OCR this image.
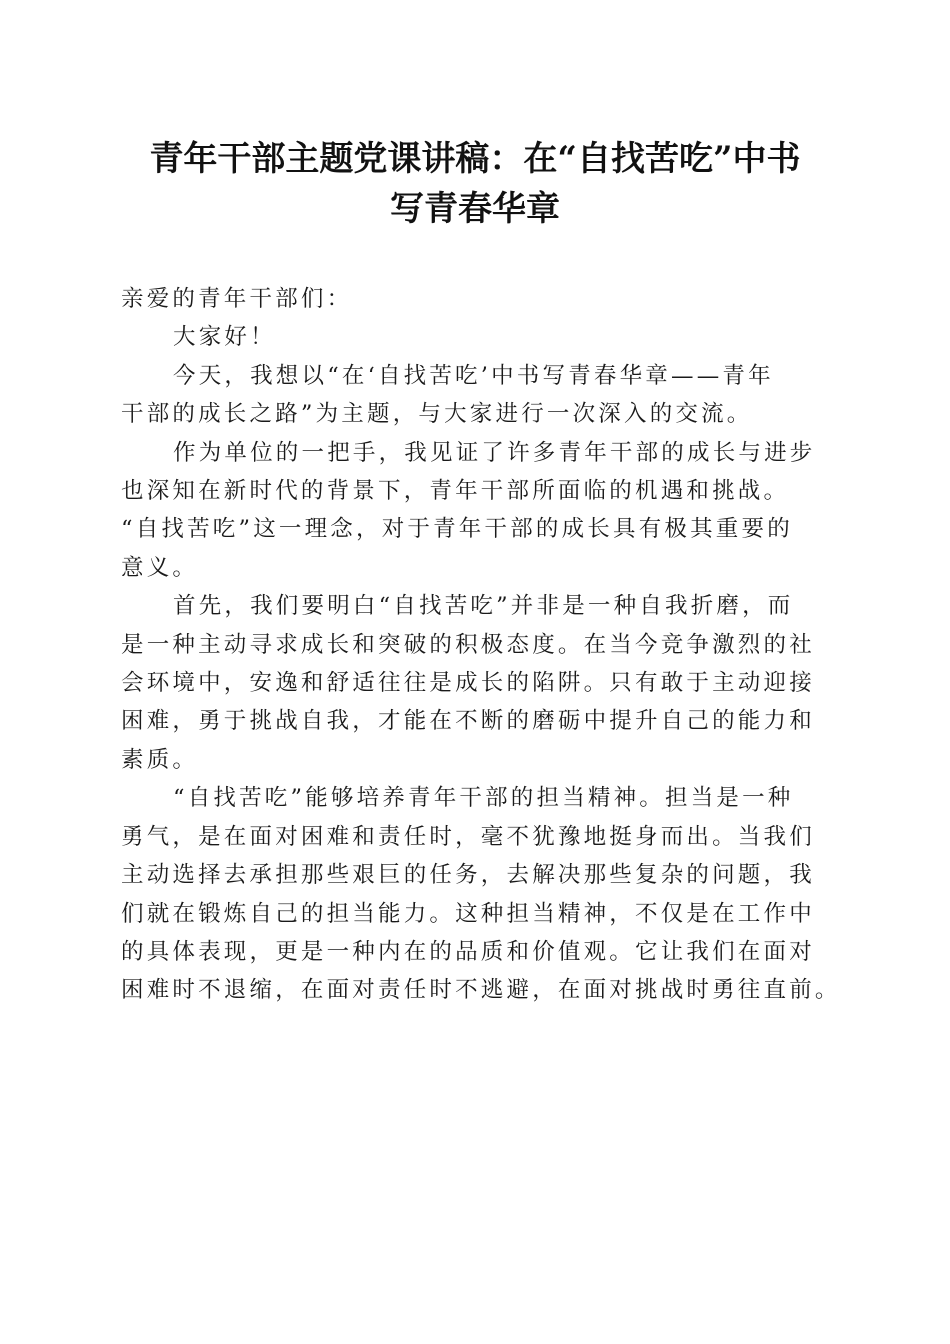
青年干部主题党课讲稿：在“自找苦吃”中书
写青春华章

亲爱的青年干部们：

大家好！

今天，我想以“在‘自找苦吃’中书写青春华章——青年
干部的成长之路”为主题，与大家进行一次深入的交流。

作为单位的一把手，我见证了许多青年干部的成长与进步
也深知在新时代的背景下，青年干部所面临的机遇和挑战。
“自找苦吃”这一理念，对于青年干部的成长具有极其重要的
意义。

首先，我们要明白“自找苦吃”并非是一种自我折磨，而
是一种主动寻求成长和突破的积极态度。在当今竞争激烈的社
会环境中，安逸和舒适往往是成长的陷阱。只有敢于主动迎接
困难，勇于挑战自我，才能在不断的磨砺中提升自己的能力和
素质。

“自找苦吃”能够培养青年干部的担当精神。担当是一种
勇气，是在面对困难和责任时，毫不犹豫地挺身而出。当我们
主动选择去承担那些艰巨的任务，去解决那些复杂的问题，我
们就在锻炼自己的担当能力。这种担当精神，不仅是在工作中
的具体表现，更是一种内在的品质和价值观。它让我们在面对
困难时不退缩，在面对责任时不逃避，在面对挑战时勇往直前。
